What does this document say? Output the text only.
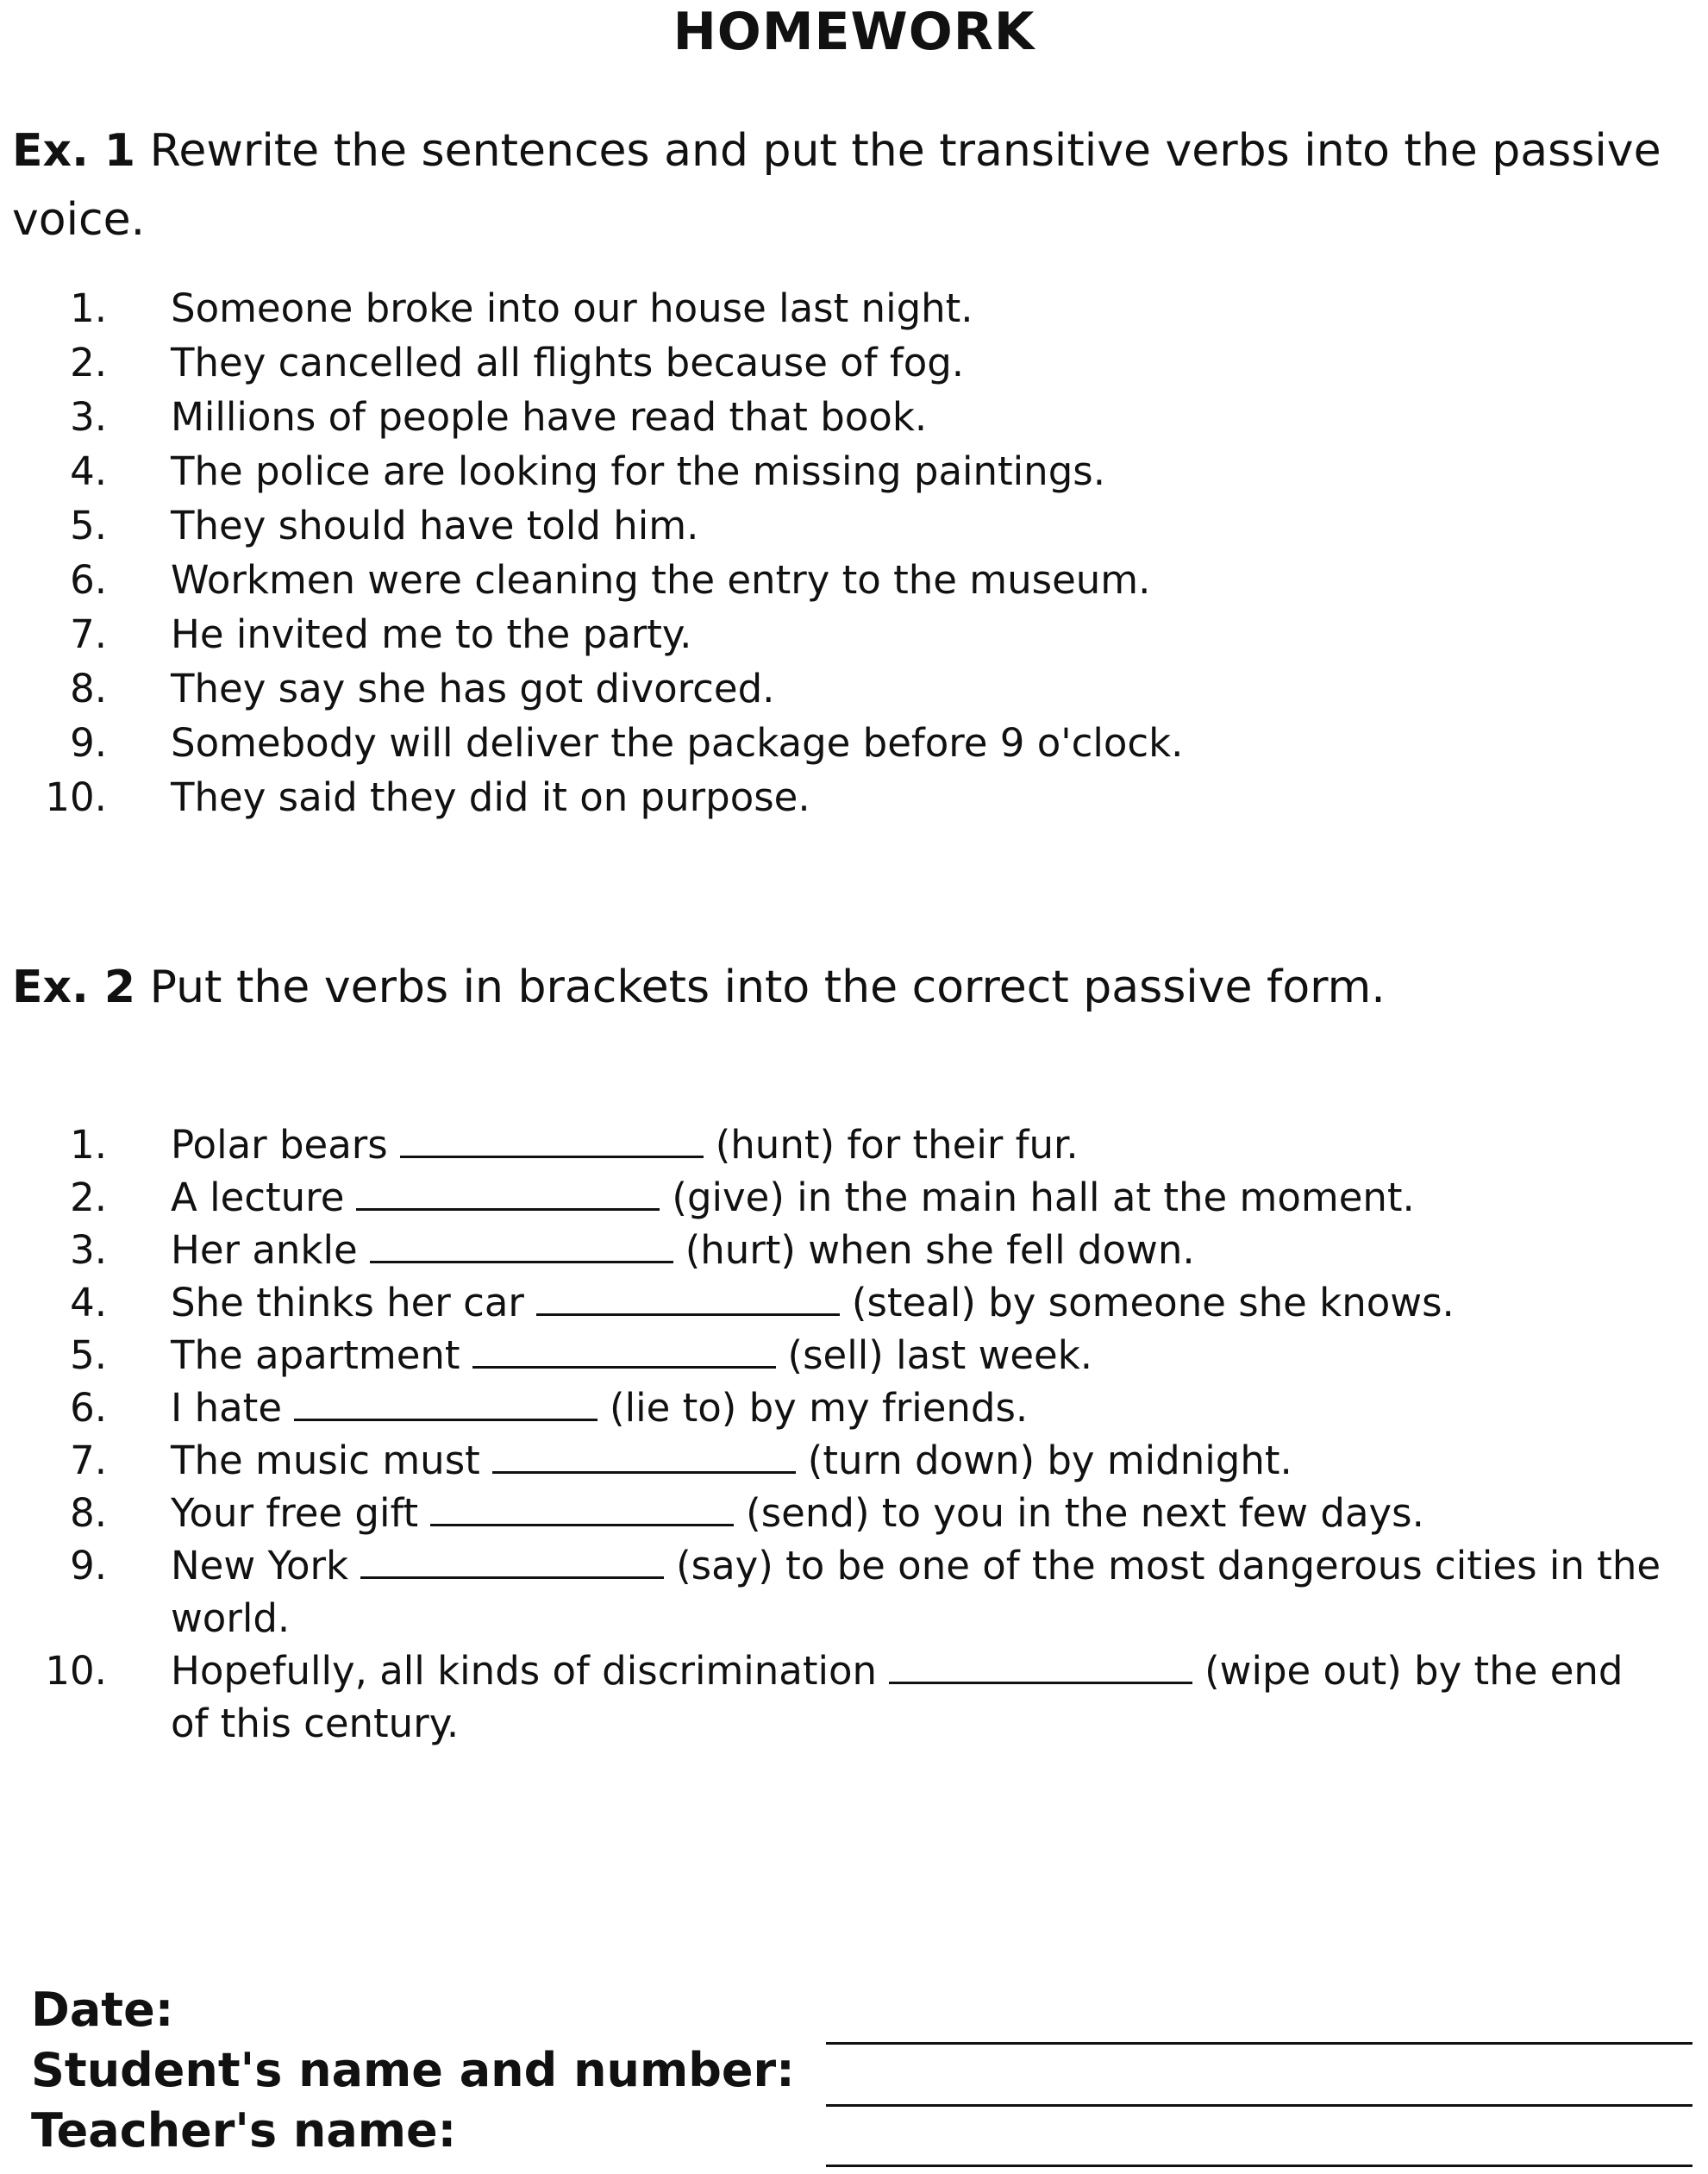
HOMEWORK
Ex. 1 Rewrite the sentences and put the transitive verbs into the passive voice.
1. Someone broke into our house last night.
2. They cancelled all flights because of fog.
3. Millions of people have read that book.
4. The police are looking for the missing paintings.
5. They should have told him.
6. Workmen were cleaning the entry to the museum.
7. He invited me to the party.
8. They say she has got divorced.
9. Somebody will deliver the package before 9 o'clock.
10. They said they did it on purpose.
Ex. 2 Put the verbs in brackets into the correct passive form.
1. Polar bears	(hunt) for their fur.
2. A lecture	(give) in the main hall at the moment.
3. Her ankle	(hurt) when she fell down.
4. She thinks her car	(steal) by someone she knows.
5. The apartment	(sell) last week.
6. I hate	(lie to) by my friends.
7. The music must	(turn down) by midnight.
8. Your free gift	(send) to you in the next few days.
9. New York	(say) to be one of the most dangerous cities in the world.
10. Hopefully, all kinds of discrimination	(wipe out) by the end of this century.
Date:
Student's name and number:
Teacher's name:
